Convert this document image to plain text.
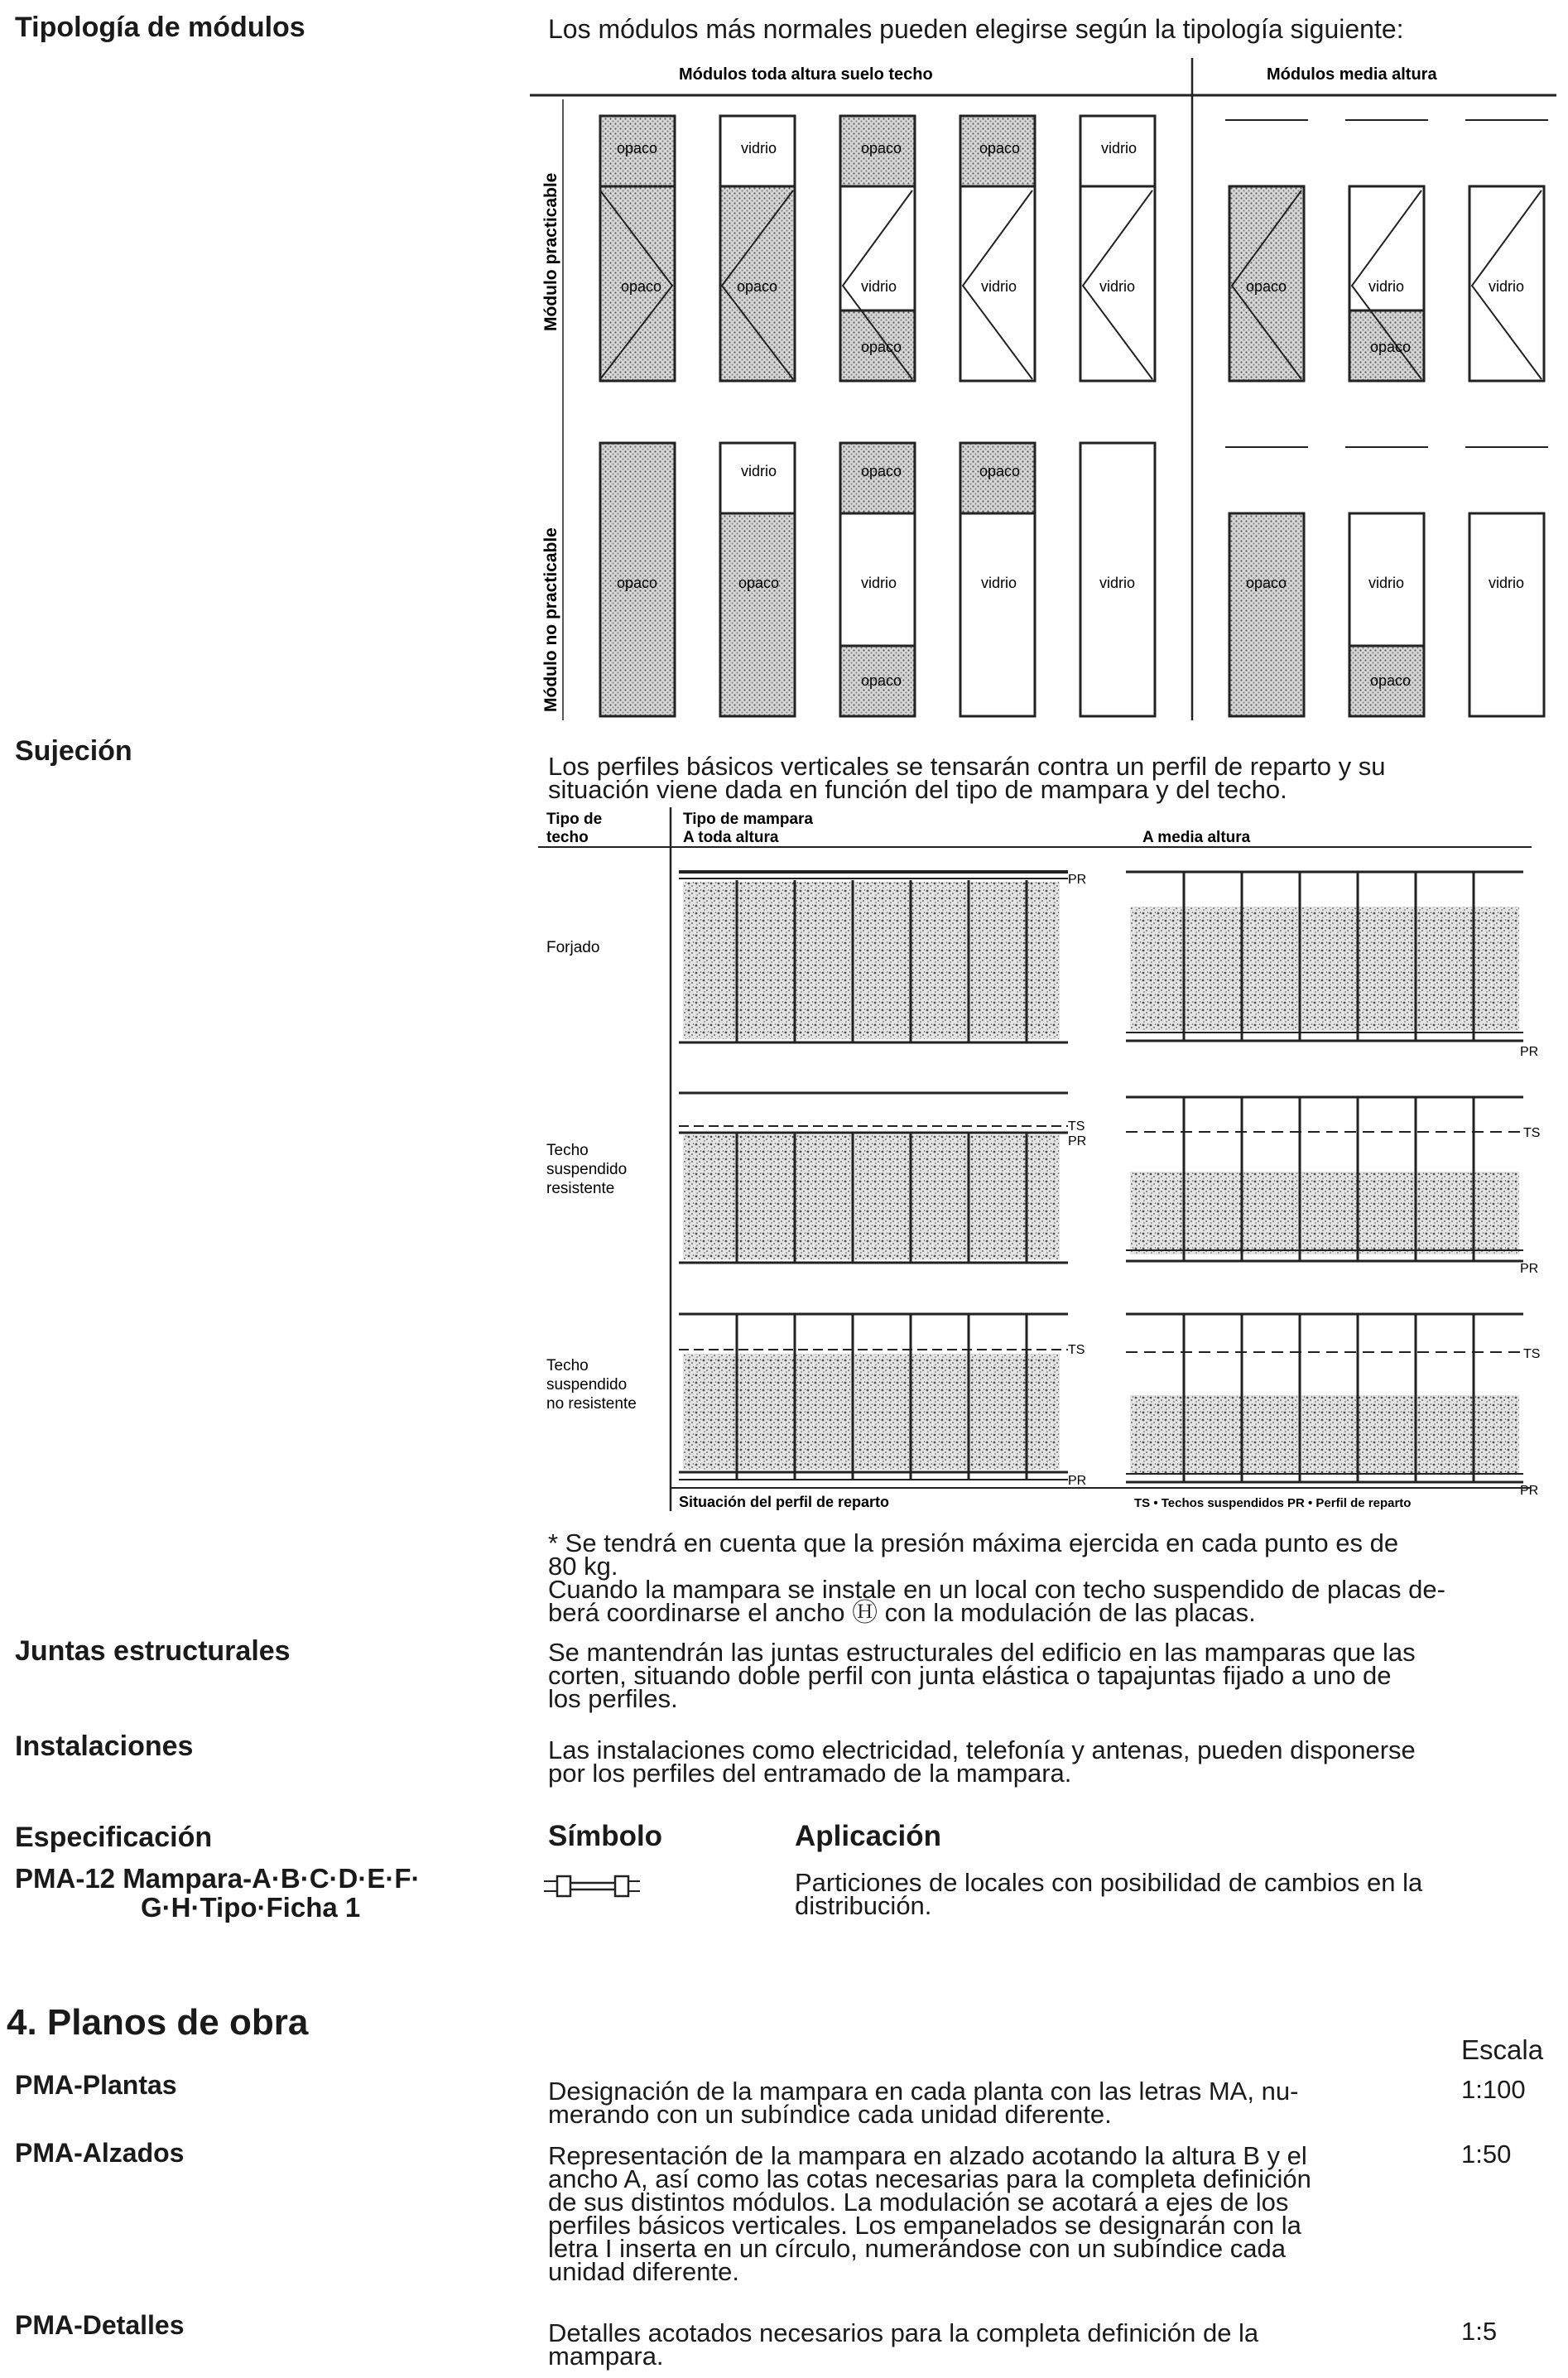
Tipología de módulos	Los módulos más normales pueden elegirse según la tipología siguiente:
Módulos toda altura suelo techo	Módulos media altura
Módulo practicable
Módulo no practicable
opaco
opaco
vidrio
opaco
opaco
vidrio
opaco
opaco
vidrio
vidrio
vidrio	opaco	vidrio
opaco
vidrio
opaco
vidrio
opaco
opaco
vidrio
opaco
opaco
vidrio	vidrio	opaco	vidrio
opaco
vidrio
Sujeción	Los perfiles básicos verticales se tensarán contra un perfil de reparto y su
situación viene dada en función del tipo de mampara y del techo.
Tipo de
techo
Tipo de mampara
A toda altura	A media altura
Forjado
Techo
suspendido
resistente
Techo
suspendido
no resistente
PR
PR
TS
PR
TS
PR
TS
PR
TS
PR
Situación del perfil de reparto	TS • Techos suspendidos PR • Perfil de reparto
* Se tendrá en cuenta que la presión máxima ejercida en cada punto es de
80 kg.
Cuando la mampara se instale en un local con techo suspendido de placas de-
berá coordinarse el ancho Ⓗ con la modulación de las placas.
Juntas estructurales	Se mantendrán las juntas estructurales del edificio en las mamparas que las
corten, situando doble perfil con junta elástica o tapajuntas fijado a uno de
los perfiles.
Instalaciones	Las instalaciones como electricidad, telefonía y antenas, pueden disponerse
por los perfiles del entramado de la mampara.
Especificación
PMA-12 Mampara-A·B·C·D·E·F·
G·H·Tipo·Ficha 1
Símbolo	Aplicación
Particiones de locales con posibilidad de cambios en la
distribución.
4. Planos de obra
Escala
PMA-Plantas	Designación de la mampara en cada planta con las letras MA, nu-
merando con un subíndice cada unidad diferente.
1:100
PMA-Alzados	Representación de la mampara en alzado acotando la altura B y el
ancho A, así como las cotas necesarias para la completa definición
de sus distintos módulos. La modulación se acotará a ejes de los
perfiles básicos verticales. Los empanelados se designarán con la
letra I inserta en un círculo, numerándose con un subíndice cada
unidad diferente.
1:50
PMA-Detalles	Detalles acotados necesarios para la completa definición de la
mampara.
1:5
